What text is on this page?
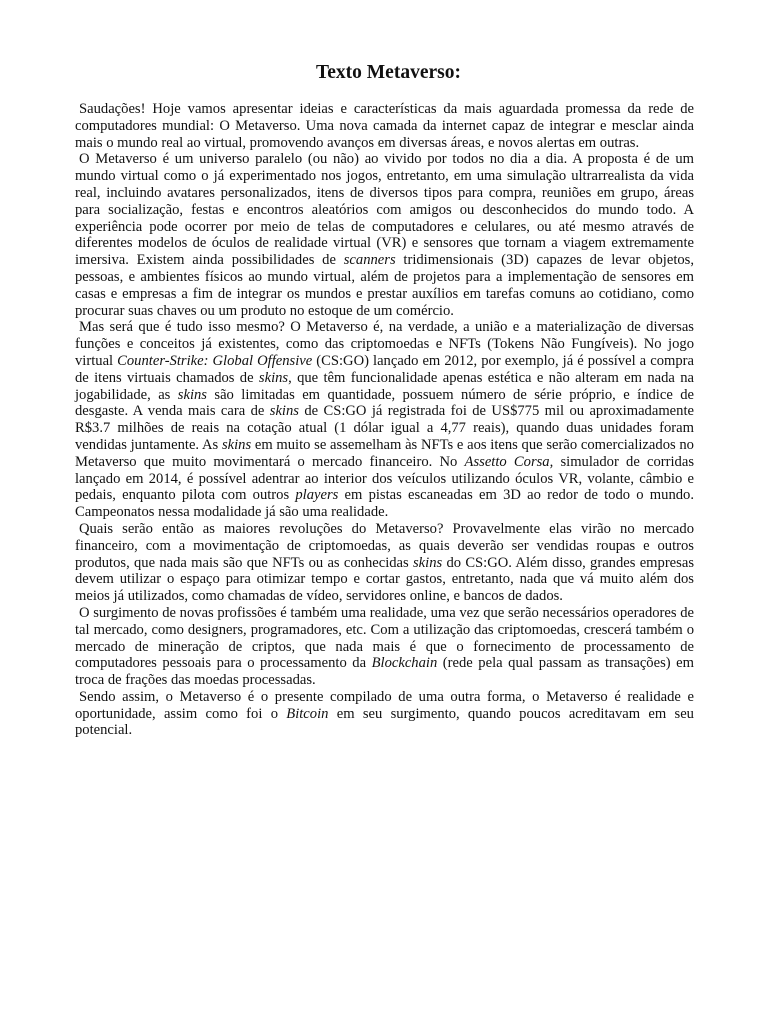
Texto Metaverso:

Saudações! Hoje vamos apresentar ideias e características da mais aguardada promessa da rede de computadores mundial: O Metaverso. Uma nova camada da internet capaz de integrar e mesclar ainda mais o mundo real ao virtual, promovendo avanços em diversas áreas, e novos alertas em outras.

O Metaverso é um universo paralelo (ou não) ao vivido por todos no dia a dia. A proposta é de um mundo virtual como o já experimentado nos jogos, entretanto, em uma simulação ultrarrealista da vida real, incluindo avatares personalizados, itens de diversos tipos para compra, reuniões em grupo, áreas para socialização, festas e encontros aleatórios com amigos ou desconhecidos do mundo todo. A experiência pode ocorrer por meio de telas de computadores e celulares, ou até mesmo através de diferentes modelos de óculos de realidade virtual (VR) e sensores que tornam a viagem extremamente imersiva. Existem ainda possibilidades de scanners tridimensionais (3D) capazes de levar objetos, pessoas, e ambientes físicos ao mundo virtual, além de projetos para a implementação de sensores em casas e empresas a fim de integrar os mundos e prestar auxílios em tarefas comuns ao cotidiano, como procurar suas chaves ou um produto no estoque de um comércio.

Mas será que é tudo isso mesmo? O Metaverso é, na verdade, a união e a materialização de diversas funções e conceitos já existentes, como das criptomoedas e NFTs (Tokens Não Fungíveis). No jogo virtual Counter-Strike: Global Offensive (CS:GO) lançado em 2012, por exemplo, já é possível a compra de itens virtuais chamados de skins, que têm funcionalidade apenas estética e não alteram em nada na jogabilidade, as skins são limitadas em quantidade, possuem número de série próprio, e índice de desgaste. A venda mais cara de skins de CS:GO já registrada foi de US$775 mil ou aproximadamente R$3.7 milhões de reais na cotação atual (1 dólar igual a 4,77 reais), quando duas unidades foram vendidas juntamente. As skins em muito se assemelham às NFTs e aos itens que serão comercializados no Metaverso que muito movimentará o mercado financeiro. No Assetto Corsa, simulador de corridas lançado em 2014, é possível adentrar ao interior dos veículos utilizando óculos VR, volante, câmbio e pedais, enquanto pilota com outros players em pistas escaneadas em 3D ao redor de todo o mundo. Campeonatos nessa modalidade já são uma realidade.

Quais serão então as maiores revoluções do Metaverso? Provavelmente elas virão no mercado financeiro, com a movimentação de criptomoedas, as quais deverão ser vendidas roupas e outros produtos, que nada mais são que NFTs ou as conhecidas skins do CS:GO. Além disso, grandes empresas devem utilizar o espaço para otimizar tempo e cortar gastos, entretanto, nada que vá muito além dos meios já utilizados, como chamadas de vídeo, servidores online, e bancos de dados.

O surgimento de novas profissões é também uma realidade, uma vez que serão necessários operadores de tal mercado, como designers, programadores, etc. Com a utilização das criptomoedas, crescerá também o mercado de mineração de criptos, que nada mais é que o fornecimento de processamento de computadores pessoais para o processamento da Blockchain (rede pela qual passam as transações) em troca de frações das moedas processadas.

Sendo assim, o Metaverso é o presente compilado de uma outra forma, o Metaverso é realidade e oportunidade, assim como foi o Bitcoin em seu surgimento, quando poucos acreditavam em seu potencial.
